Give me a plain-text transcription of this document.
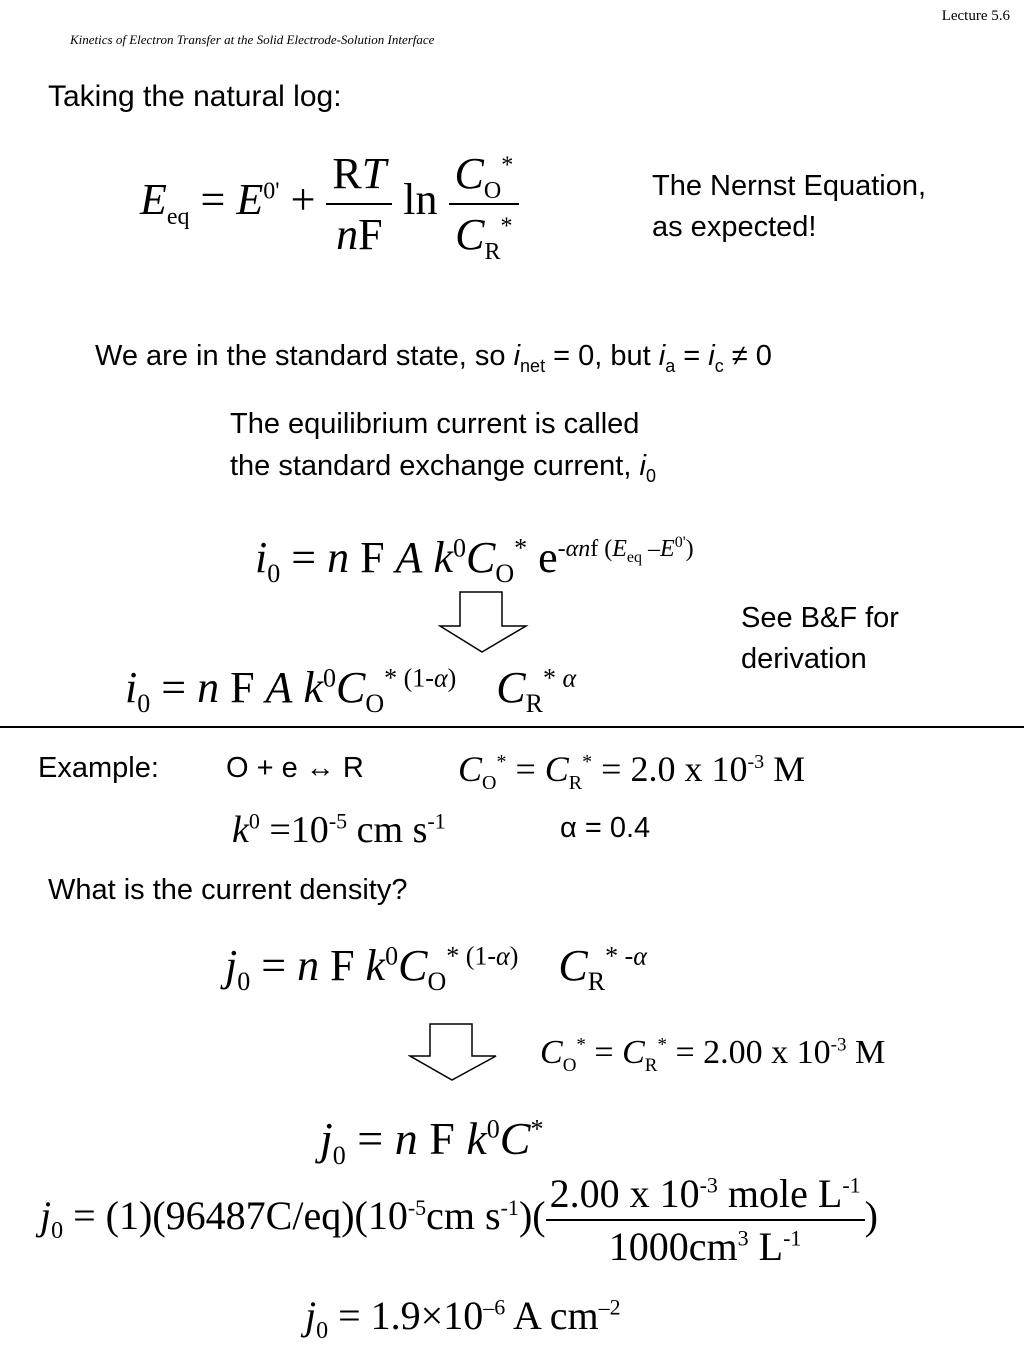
Lecture 5.6
Kinetics of Electron Transfer at the Solid Electrode-Solution Interface
Taking the natural log:
$E_{eq} = E^{0'} + \frac{RT}{nF}$ $\ln \frac{C_O^*}{C_R^*}$	The Nernst Equation,
as expected!
We are in the standard state, so $i_{net} = 0$, but $i_a = i_c \ne 0$
The equilibrium current is called
the standard exchange current, $i_0$
$i_0 = n$ F A $k^0C_O^*$ $e^{-\alpha nf (E_{eq} -E^{0'})}$
See B&F for
derivation
$i_0 = n$ F A $k^0C_O^{* (1-\alpha)}$ $C_R^{* \alpha}$
Example: O + e ↔ R	$C_O^* = C_R^* = 2.0$ x $10^{-3}$ M
$k^0 =10^{-5}$ cm $s^{-1}$	α = 0.4
What is the current density?
$j_0 = n$ F $k^0C_O^{* (1-\alpha)}$ $C_R^{* -\alpha}$
$C_O^* = C_R^* = 2.00$ x $10^{-3}$ M
$j_0 = n$ F $k^0C^*$
$j_0 = (1)(96487C/eq)(10^{-5}cm$ $s^{-1})( \frac{2.00 x 10^{-3} mole L^{-1}}{1000cm^3 L^{-1}}$ )
$j_0 = 1.9\times 10^{-6}$ A $cm^{-2}$
